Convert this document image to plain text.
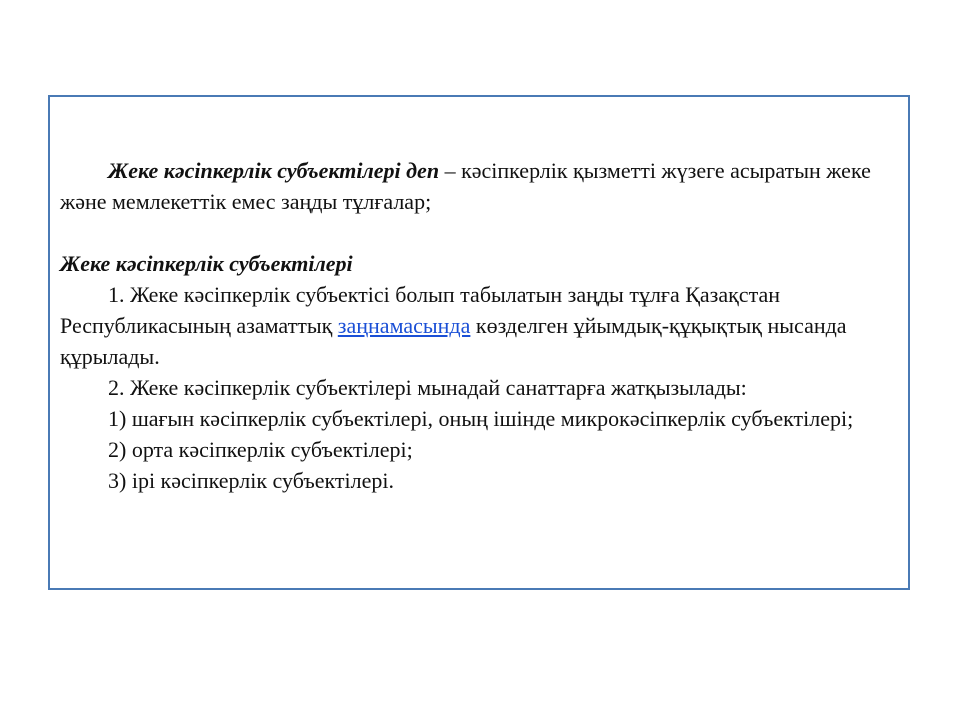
Жеке кәсіпкерлік субъектілері деп – кәсіпкерлік қызметті жүзеге асыратын жеке және мемлекеттік емес заңды тұлғалар;

Жеке кәсіпкерлік субъектілері

1. Жеке кәсіпкерлік субъектісі болып табылатын заңды тұлға Қазақстан Республикасының азаматтық заңнамасында көзделген ұйымдық-құқықтық нысанда құрылады.

2. Жеке кәсіпкерлік субъектілері мынадай санаттарға жатқызылады:

1) шағын кәсіпкерлік субъектілері, оның ішінде микрокәсіпкерлік субъектілері;

2) орта кәсіпкерлік субъектілері;

3) ірі кәсіпкерлік субъектілері.
